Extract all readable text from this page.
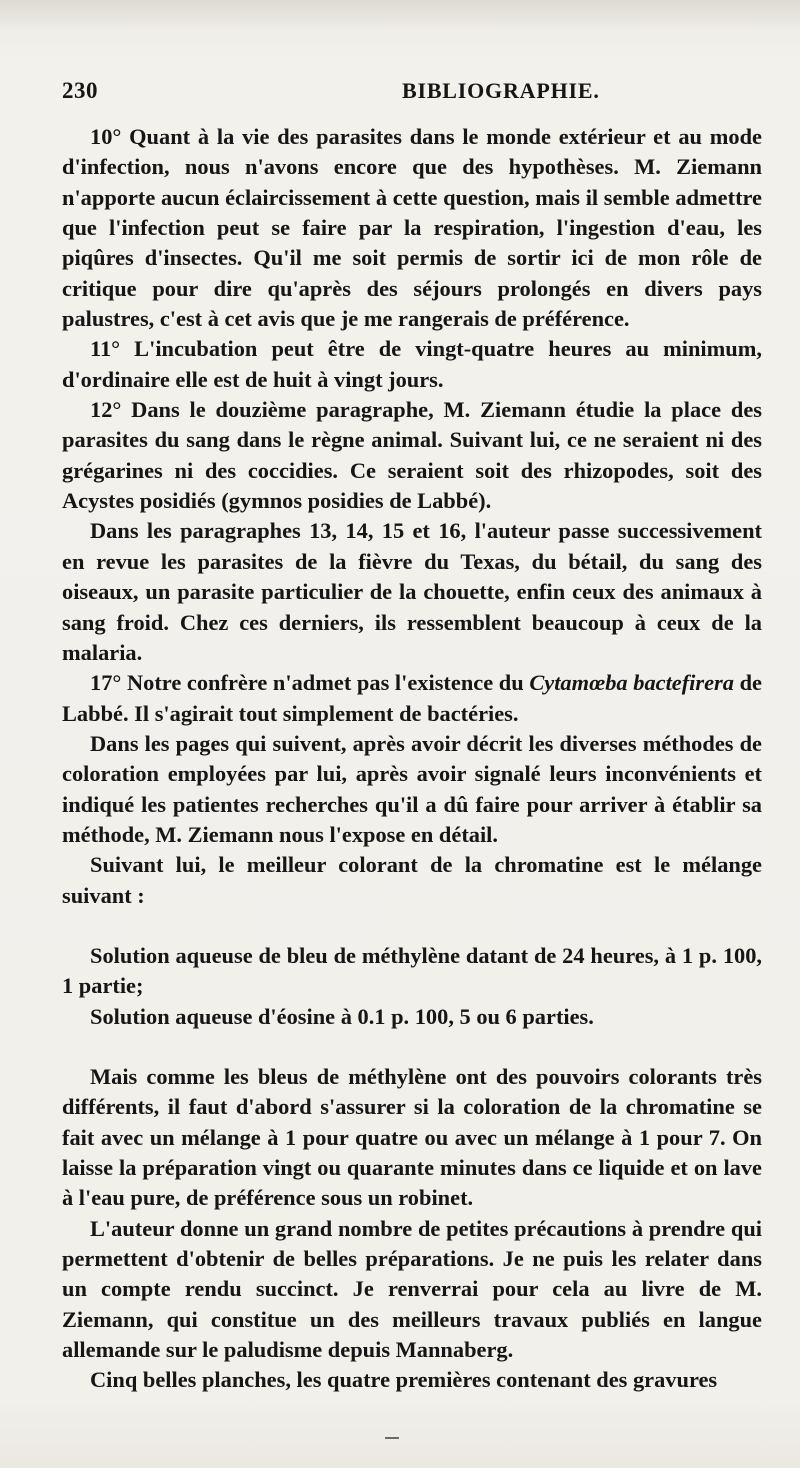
230	BIBLIOGRAPHIE.

10° Quant à la vie des parasites dans le monde extérieur et au mode d'infection, nous n'avons encore que des hypothèses. M. Ziemann n'apporte aucun éclaircissement à cette question, mais il semble admettre que l'infection peut se faire par la respiration, l'ingestion d'eau, les piqûres d'insectes. Qu'il me soit permis de sortir ici de mon rôle de critique pour dire qu'après des séjours prolongés en divers pays palustres, c'est à cet avis que je me rangerais de préférence.

11° L'incubation peut être de vingt-quatre heures au minimum, d'ordinaire elle est de huit à vingt jours.

12° Dans le douzième paragraphe, M. Ziemann étudie la place des parasites du sang dans le règne animal. Suivant lui, ce ne seraient ni des grégarines ni des coccidies. Ce seraient soit des rhizopodes, soit des Acystes posidiés (gymnos posidies de Labbé).

Dans les paragraphes 13, 14, 15 et 16, l'auteur passe successivement en revue les parasites de la fièvre du Texas, du bétail, du sang des oiseaux, un parasite particulier de la chouette, enfin ceux des animaux à sang froid. Chez ces derniers, ils ressemblent beaucoup à ceux de la malaria.

17° Notre confrère n'admet pas l'existence du Cytamœba bactefirera de Labbé. Il s'agirait tout simplement de bactéries.

Dans les pages qui suivent, après avoir décrit les diverses méthodes de coloration employées par lui, après avoir signalé leurs inconvénients et indiqué les patientes recherches qu'il a dû faire pour arriver à établir sa méthode, M. Ziemann nous l'expose en détail.

Suivant lui, le meilleur colorant de la chromatine est le mélange suivant :

Solution aqueuse de bleu de méthylène datant de 24 heures, à 1 p. 100, 1 partie;

Solution aqueuse d'éosine à 0.1 p. 100, 5 ou 6 parties.

Mais comme les bleus de méthylène ont des pouvoirs colorants très différents, il faut d'abord s'assurer si la coloration de la chromatine se fait avec un mélange à 1 pour quatre ou avec un mélange à 1 pour 7. On laisse la préparation vingt ou quarante minutes dans ce liquide et on lave à l'eau pure, de préférence sous un robinet.

L'auteur donne un grand nombre de petites précautions à prendre qui permettent d'obtenir de belles préparations. Je ne puis les relater dans un compte rendu succinct. Je renverrai pour cela au livre de M. Ziemann, qui constitue un des meilleurs travaux publiés en langue allemande sur le paludisme depuis Mannaberg.

Cinq belles planches, les quatre premières contenant des gravures
